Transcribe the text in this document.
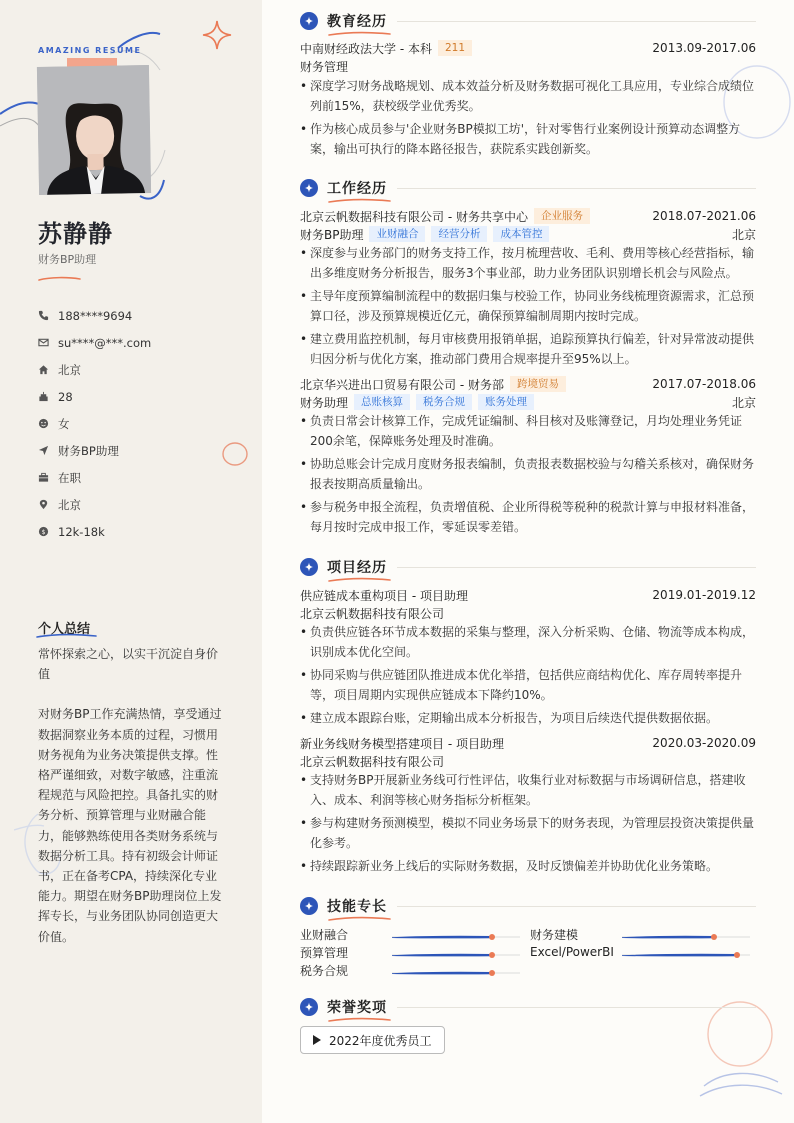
AMAZING RESUME
苏静静
财务BP助理
188****9694
su****@***.com
北京
28
女
财务BP助理
在职
北京
$ 12k-18k
个人总结

常怀探索之心，以实干沉淀自身价值

对财务BP工作充满热情，享受通过数据洞察业务本质的过程，习惯用财务视角为业务决策提供支撑。性格严谨细致，对数字敏感，注重流程规范与风险把控。具备扎实的财务分析、预算管理与业财融合能力，能够熟练使用各类财务系统与数据分析工具。持有初级会计师证书，正在备考CPA，持续深化专业能力。期望在财务BP助理岗位上发挥专长，与业务团队协同创造更大价值。

教育经历
中南财经政法大学 - 本科	211	2013.09-2017.06
财务管理
• 深度学习财务战略规划、成本效益分析及财务数据可视化工具应用，专业综合成绩位列前15%，获校级学业优秀奖。
• 作为核心成员参与'企业财务BP模拟工坊'，针对零售行业案例设计预算动态调整方案，输出可执行的降本路径报告，获院系实践创新奖。
工作经历
北京云帆数据科技有限公司 - 财务共享中心	企业服务	2018.07-2021.06
财务BP助理	业财融合	经营分析	成本管控	北京
• 深度参与业务部门的财务支持工作，按月梳理营收、毛利、费用等核心经营指标，输出多维度财务分析报告，服务3个事业部，助力业务团队识别增长机会与风险点。
• 主导年度预算编制流程中的数据归集与校验工作，协同业务线梳理资源需求，汇总预算口径，涉及预算规模近亿元，确保预算编制周期内按时完成。
• 建立费用监控机制，每月审核费用报销单据，追踪预算执行偏差，针对异常波动提供归因分析与优化方案，推动部门费用合规率提升至95%以上。
北京华兴进出口贸易有限公司 - 财务部	跨境贸易	2017.07-2018.06
财务助理	总账核算	税务合规	账务处理	北京
• 负责日常会计核算工作，完成凭证编制、科目核对及账簿登记，月均处理业务凭证200余笔，保障账务处理及时准确。
• 协助总账会计完成月度财务报表编制，负责报表数据校验与勾稽关系核对，确保财务报表按期高质量输出。
• 参与税务申报全流程，负责增值税、企业所得税等税种的税款计算与申报材料准备，每月按时完成申报工作，零延误零差错。
项目经历
供应链成本重构项目 - 项目助理	2019.01-2019.12
北京云帆数据科技有限公司
• 负责供应链各环节成本数据的采集与整理，深入分析采购、仓储、物流等成本构成，识别成本优化空间。
• 协同采购与供应链团队推进成本优化举措，包括供应商结构优化、库存周转率提升等，项目周期内实现供应链成本下降约10%。
• 建立成本跟踪台账，定期输出成本分析报告，为项目后续迭代提供数据依据。
新业务线财务模型搭建项目 - 项目助理	2020.03-2020.09
北京云帆数据科技有限公司
• 支持财务BP开展新业务线可行性评估，收集行业对标数据与市场调研信息，搭建收入、成本、利润等核心财务指标分析框架。
• 参与构建财务预测模型，模拟不同业务场景下的财务表现，为管理层投资决策提供量化参考。
• 持续跟踪新业务上线后的实际财务数据，及时反馈偏差并协助优化业务策略。
技能专长
业财融合	财务建模
预算管理	Excel/PowerBI
税务合规
荣誉奖项
2022年度优秀员工
